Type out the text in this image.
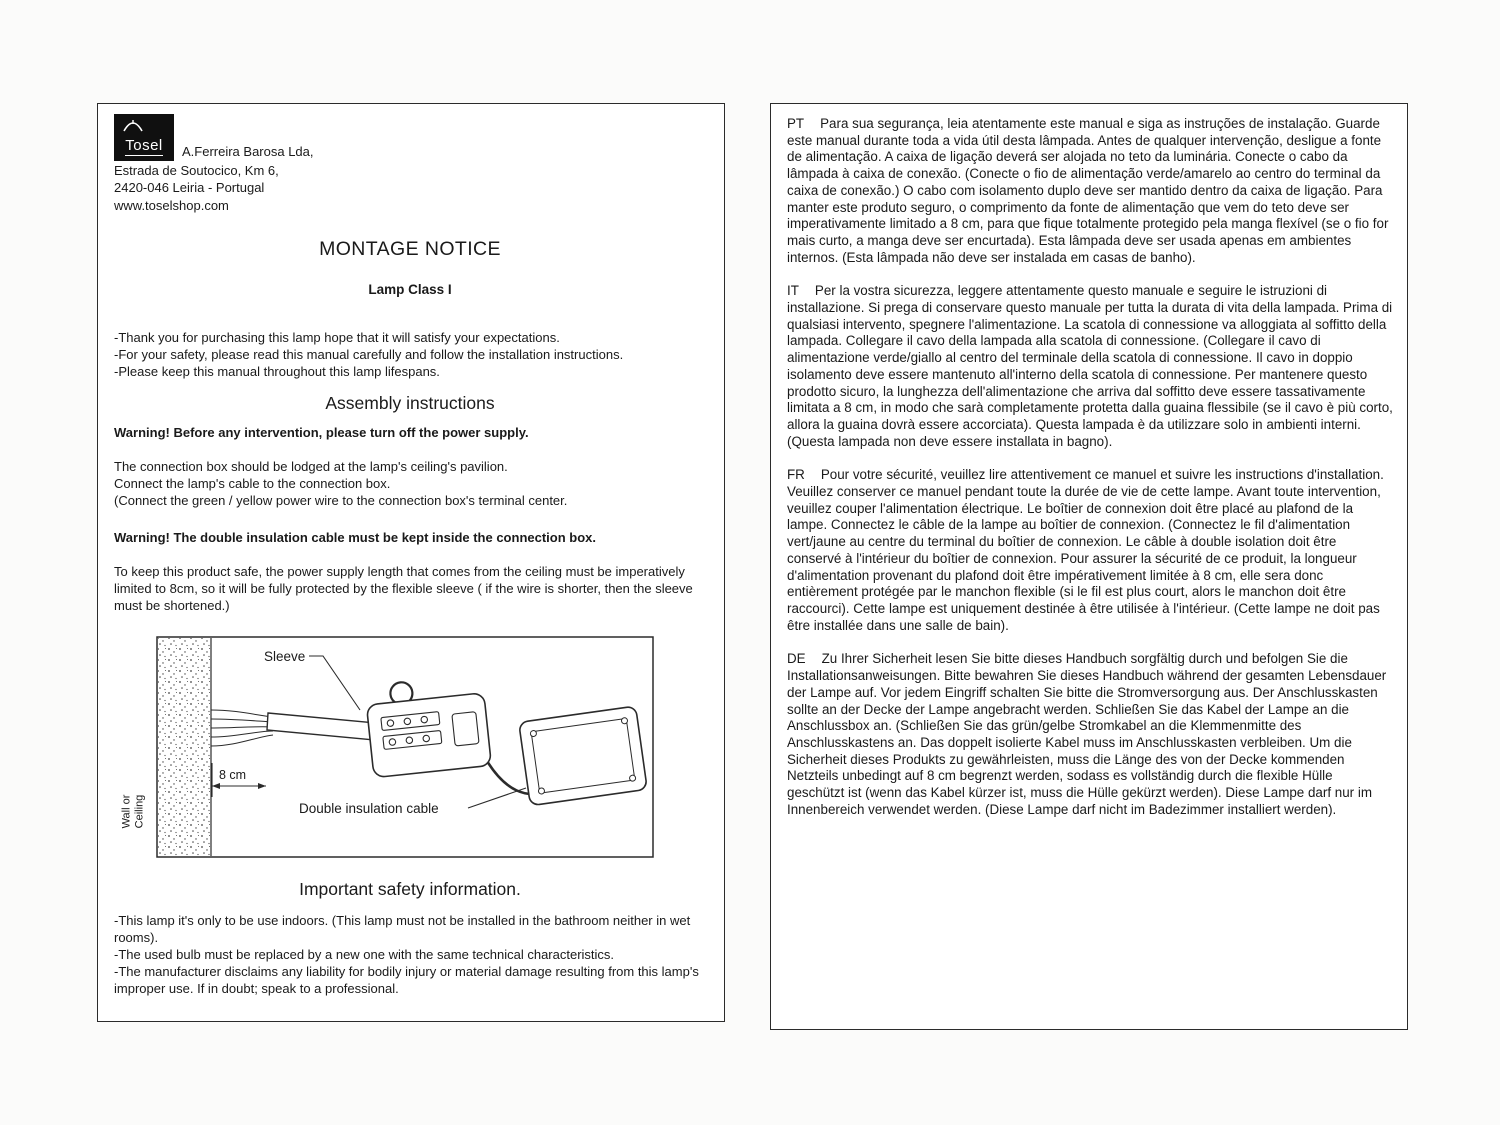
Tosel A.Ferreira Barosa Lda,
Estrada de Soutocico, Km 6,
2420-046 Leiria - Portugal
www.toselshop.com
MONTAGE NOTICE
Lamp Class I
-Thank you for purchasing this lamp hope that it will satisfy your expectations.
-For your safety, please read this manual carefully and follow the installation instructions.
-Please keep this manual throughout this lamp lifespans.
Assembly instructions
Warning! Before any intervention, please turn off the power supply.
The connection box should be lodged at the lamp's ceiling's pavilion.
Connect the lamp's cable to the connection box.
(Connect the green / yellow power wire to the connection box's terminal center.
Warning! The double insulation cable must be kept inside the connection box.
To keep this product safe, the power supply length that comes from the ceiling must be imperatively limited to 8cm, so it will be fully protected by the flexible sleeve ( if the wire is shorter, then the sleeve must be shortened.)
Wall or Ceiling
Sleeve
8 cm
Double insulation cable
Important safety information.
-This lamp it's only to be use indoors. (This lamp must not be installed in the bathroom neither in wet rooms).
-The used bulb must be replaced by a new one with the same technical characteristics.
-The manufacturer disclaims any liability for bodily injury or material damage resulting from this lamp's improper use. If in doubt; speak to a professional.
PT Para sua segurança, leia atentamente este manual e siga as instruções de instalação. Guarde este manual durante toda a vida útil desta lâmpada. Antes de qualquer intervenção, desligue a fonte de alimentação. A caixa de ligação deverá ser alojada no teto da luminária. Conecte o cabo da lâmpada à caixa de conexão. (Conecte o fio de alimentação verde/amarelo ao centro do terminal da caixa de conexão.) O cabo com isolamento duplo deve ser mantido dentro da caixa de ligação. Para manter este produto seguro, o comprimento da fonte de alimentação que vem do teto deve ser imperativamente limitado a 8 cm, para que fique totalmente protegido pela manga flexível (se o fio for mais curto, a manga deve ser encurtada). Esta lâmpada deve ser usada apenas em ambientes internos. (Esta lâmpada não deve ser instalada em casas de banho).
IT Per la vostra sicurezza, leggere attentamente questo manuale e seguire le istruzioni di installazione. Si prega di conservare questo manuale per tutta la durata di vita della lampada. Prima di qualsiasi intervento, spegnere l'alimentazione. La scatola di connessione va alloggiata al soffitto della lampada. Collegare il cavo della lampada alla scatola di connessione. (Collegare il cavo di alimentazione verde/giallo al centro del terminale della scatola di connessione. Il cavo in doppio isolamento deve essere mantenuto all'interno della scatola di connessione. Per mantenere questo prodotto sicuro, la lunghezza dell'alimentazione che arriva dal soffitto deve essere tassativamente limitata a 8 cm, in modo che sarà completamente protetta dalla guaina flessibile (se il cavo è più corto, allora la guaina dovrà essere accorciata). Questa lampada è da utilizzare solo in ambienti interni. (Questa lampada non deve essere installata in bagno).
FR Pour votre sécurité, veuillez lire attentivement ce manuel et suivre les instructions d'installation. Veuillez conserver ce manuel pendant toute la durée de vie de cette lampe. Avant toute intervention, veuillez couper l'alimentation électrique. Le boîtier de connexion doit être placé au plafond de la lampe. Connectez le câble de la lampe au boîtier de connexion. (Connectez le fil d'alimentation vert/jaune au centre du terminal du boîtier de connexion. Le câble à double isolation doit être conservé à l'intérieur du boîtier de connexion. Pour assurer la sécurité de ce produit, la longueur d'alimentation provenant du plafond doit être impérativement limitée à 8 cm, elle sera donc entièrement protégée par le manchon flexible (si le fil est plus court, alors le manchon doit être raccourci). Cette lampe est uniquement destinée à être utilisée à l'intérieur. (Cette lampe ne doit pas être installée dans une salle de bain).
DE Zu Ihrer Sicherheit lesen Sie bitte dieses Handbuch sorgfältig durch und befolgen Sie die Installationsanweisungen. Bitte bewahren Sie dieses Handbuch während der gesamten Lebensdauer der Lampe auf. Vor jedem Eingriff schalten Sie bitte die Stromversorgung aus. Der Anschlusskasten sollte an der Decke der Lampe angebracht werden. Schließen Sie das Kabel der Lampe an die Anschlussbox an. (Schließen Sie das grün/gelbe Stromkabel an die Klemmenmitte des Anschlusskastens an. Das doppelt isolierte Kabel muss im Anschlusskasten verbleiben. Um die Sicherheit dieses Produkts zu gewährleisten, muss die Länge des von der Decke kommenden Netzteils unbedingt auf 8 cm begrenzt werden, sodass es vollständig durch die flexible Hülle geschützt ist (wenn das Kabel kürzer ist, muss die Hülle gekürzt werden). Diese Lampe darf nur im Innenbereich verwendet werden. (Diese Lampe darf nicht im Badezimmer installiert werden).
